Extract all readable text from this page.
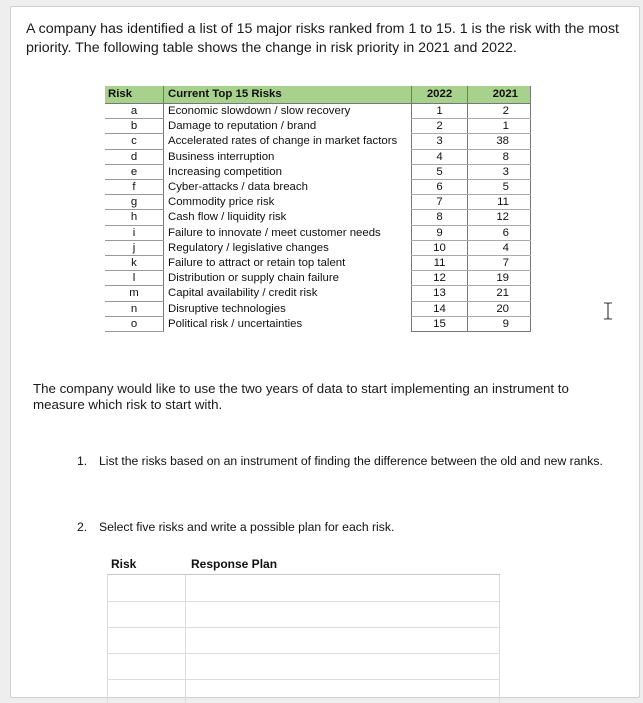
A company has identified a list of 15 major risks ranked from 1 to 15. 1 is the risk with the most priority. The following table shows the change in risk priority in 2021 and 2022.
Risk	Current Top 15 Risks	2022	2021
a	Economic slowdown / slow recovery	1	2
b	Damage to reputation / brand	2	1
c	Accelerated rates of change in market factors	3	38
d	Business interruption	4	8
e	Increasing competition	5	3
f	Cyber-attacks / data breach	6	5
g	Commodity price risk	7	11
h	Cash flow / liquidity risk	8	12
i	Failure to innovate / meet customer needs	9	6
j	Regulatory / legislative changes	10	4
k	Failure to attract or retain top talent	11	7
l	Distribution or supply chain failure	12	19
m	Capital availability / credit risk	13	21
n	Disruptive technologies	14	20
o	Political risk / uncertainties	15	9
The company would like to use the two years of data to start implementing an instrument to measure which risk to start with.
1. List the risks based on an instrument of finding the difference between the old and new ranks.
2. Select five risks and write a possible plan for each risk.
Risk	Response Plan
